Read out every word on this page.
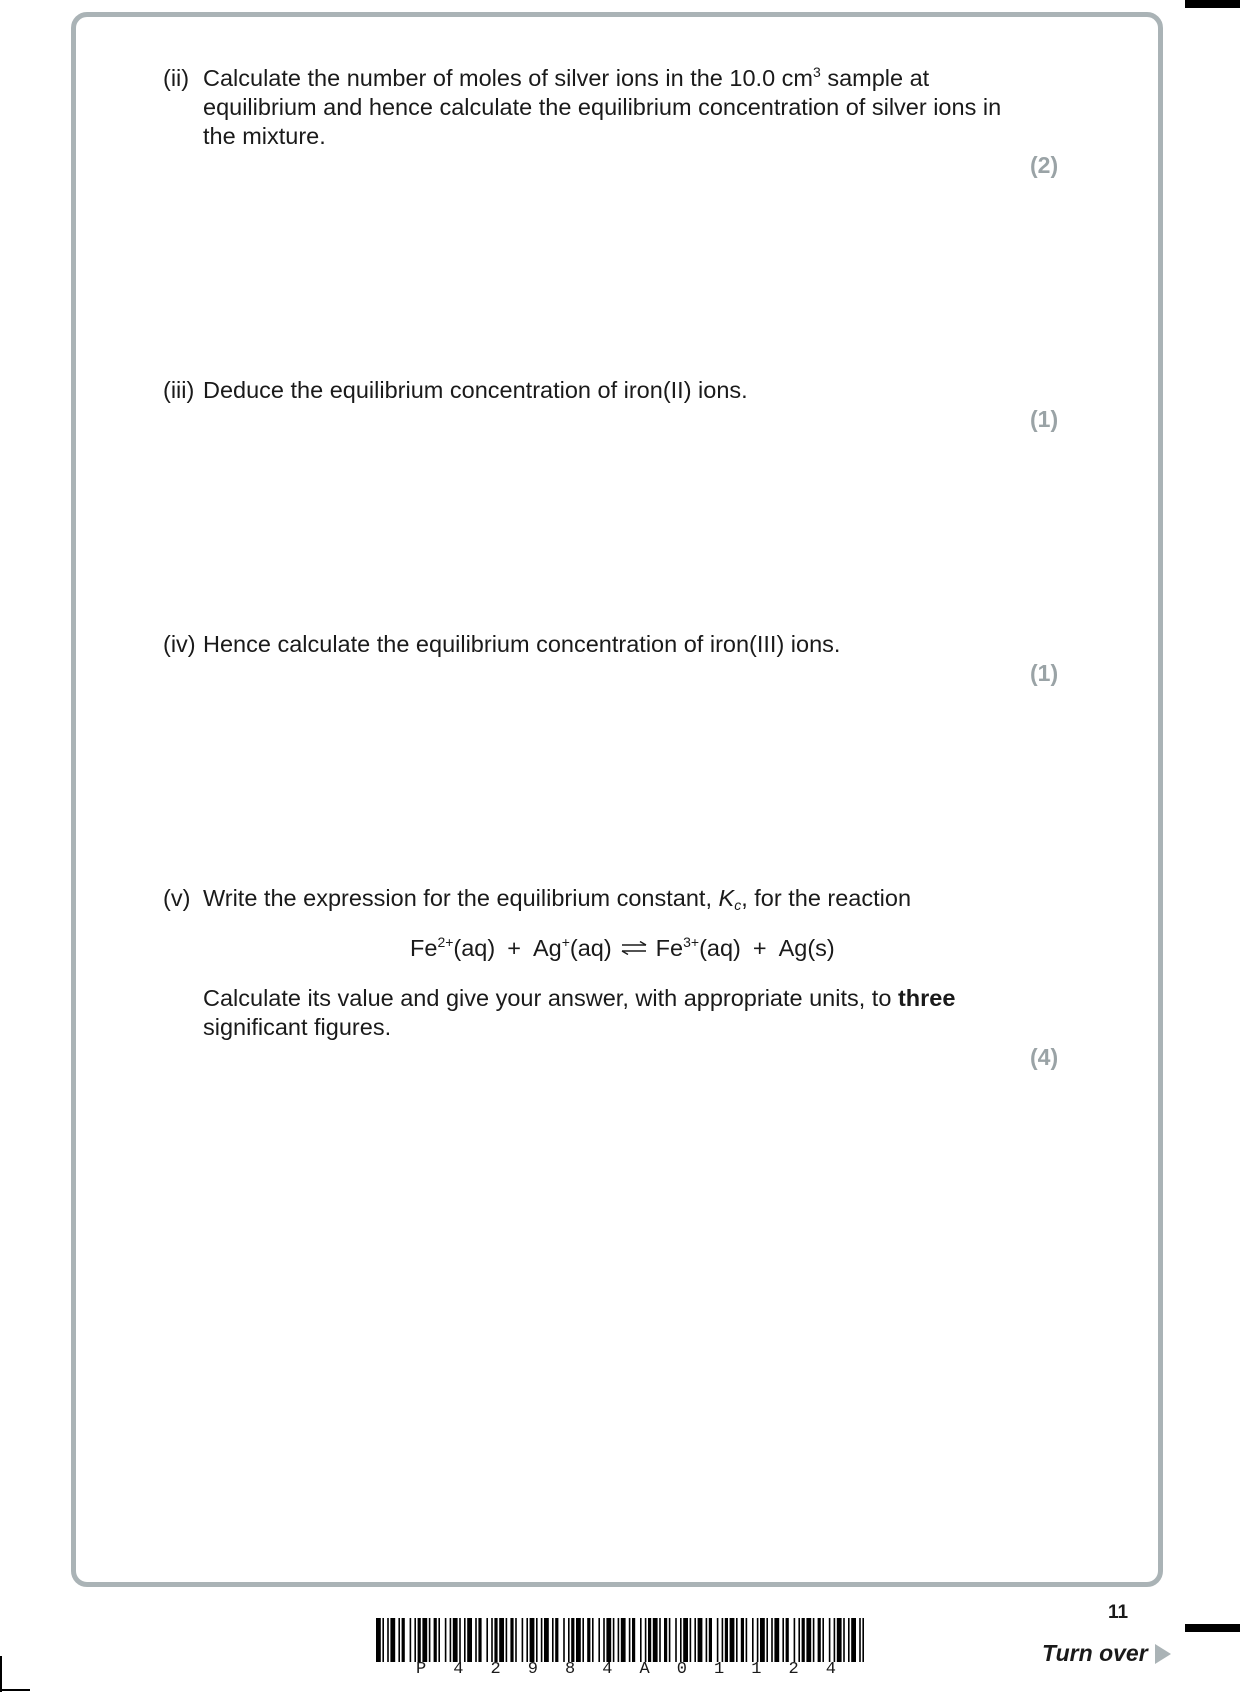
(ii) Calculate the number of moles of silver ions in the 10.0 $cm^3$ sample at equilibrium and hence calculate the equilibrium concentration of silver ions in the mixture.
(2)
(iii) Deduce the equilibrium concentration of iron(II) ions.
(1)
(iv) Hence calculate the equilibrium concentration of iron(III) ions.
(1)
(v) Write the expression for the equilibrium constant, $K_c$, for the reaction
$Fe^{2+}(aq) + Ag^+(aq)$ ⇌ $Fe^{3+}(aq) + Ag(s)$
Calculate its value and give your answer, with appropriate units, to three significant figures.
(4)
P 4 2 9 8 4 A 0 1 1 2 4
11
Turn over
